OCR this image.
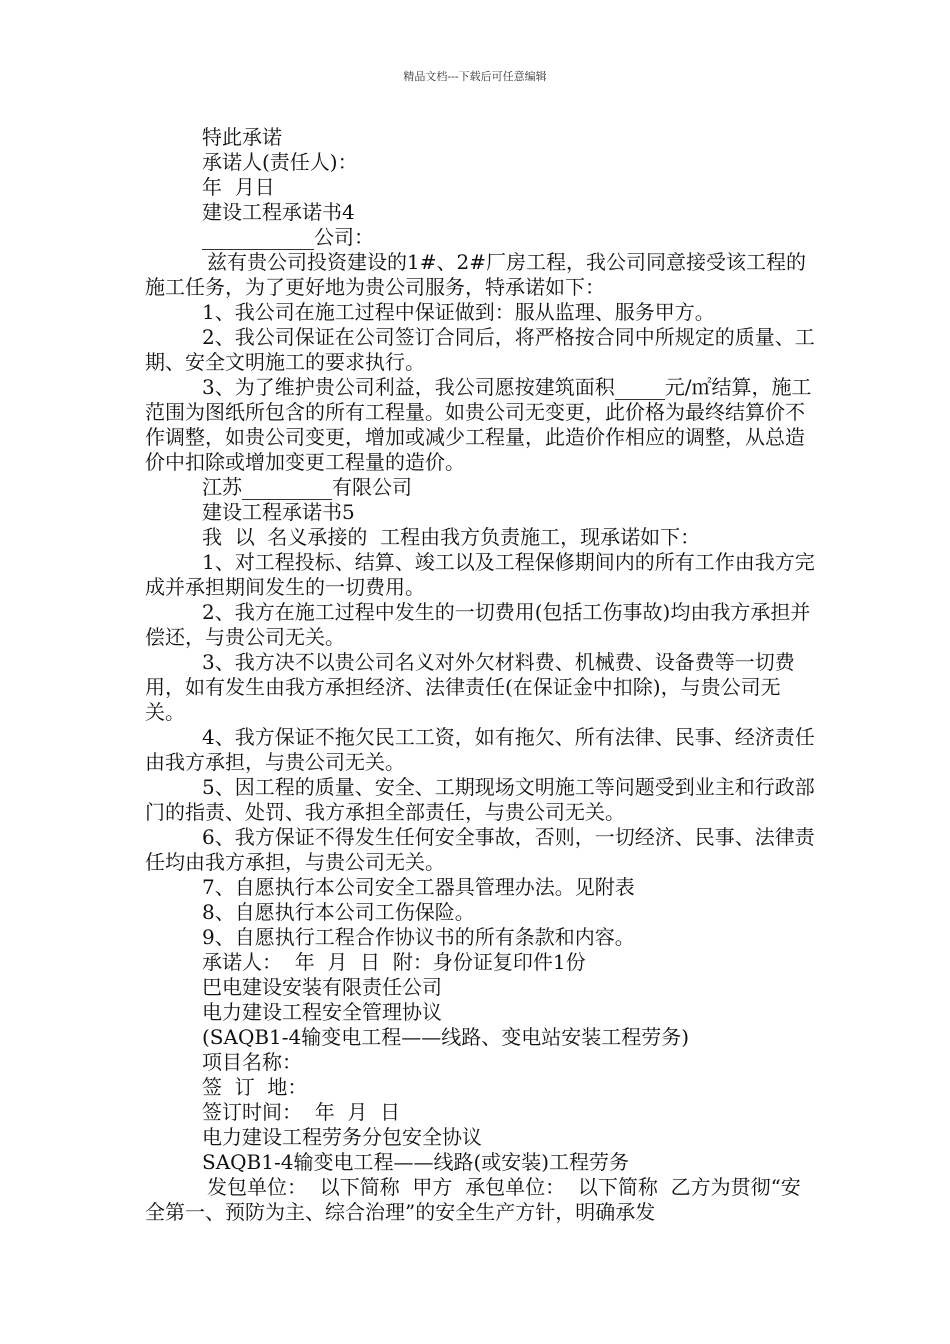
精品文档---下载后可任意编辑

特此承诺

承诺人(责任人)：

年  月日

建设工程承诺书4

公司：

兹有贵公司投资建设的1#、2#厂房工程，我公司同意接受该工程的施工任务，为了更好地为贵公司服务，特承诺如下：

1、我公司在施工过程中保证做到：服从监理、服务甲方。

2、我公司保证在公司签订合同后，将严格按合同中所规定的质量、工期、安全文明施工的要求执行。

3、为了维护贵公司利益，我公司愿按建筑面积	元/㎡结算，施工范围为图纸所包含的所有工程量。如贵公司无变更，此价格为最终结算价不作调整，如贵公司变更，增加或减少工程量，此造价作相应的调整，从总造价中扣除或增加变更工程量的造价。

江苏	有限公司

建设工程承诺书5

我  以  名义承接的  工程由我方负责施工，现承诺如下：

1、对工程投标、结算、竣工以及工程保修期间内的所有工作由我方完成并承担期间发生的一切费用。

2、我方在施工过程中发生的一切费用(包括工伤事故)均由我方承担并偿还，与贵公司无关。

3、我方决不以贵公司名义对外欠材料费、机械费、设备费等一切费用，如有发生由我方承担经济、法律责任(在保证金中扣除)，与贵公司无关。

4、我方保证不拖欠民工工资，如有拖欠、所有法律、民事、经济责任由我方承担，与贵公司无关。

5、因工程的质量、安全、工期现场文明施工等问题受到业主和行政部门的指责、处罚、我方承担全部责任，与贵公司无关。

6、我方保证不得发生任何安全事故，否则，一切经济、民事、法律责任均由我方承担，与贵公司无关。

7、自愿执行本公司安全工器具管理办法。见附表

8、自愿执行本公司工伤保险。

9、自愿执行工程合作协议书的所有条款和内容。

承诺人：  年  月  日  附：身份证复印件1份

巴电建设安装有限责任公司

电力建设工程安全管理协议

(SAQB1-4输变电工程——线路、变电站安装工程劳务)

项目名称：

签  订  地：

签订时间：  年  月  日

电力建设工程劳务分包安全协议

SAQB1-4输变电工程——线路(或安装)工程劳务

发包单位：  以下简称  甲方  承包单位：  以下简称  乙方为贯彻“安全第一、预防为主、综合治理”的安全生产方针，明确承发
